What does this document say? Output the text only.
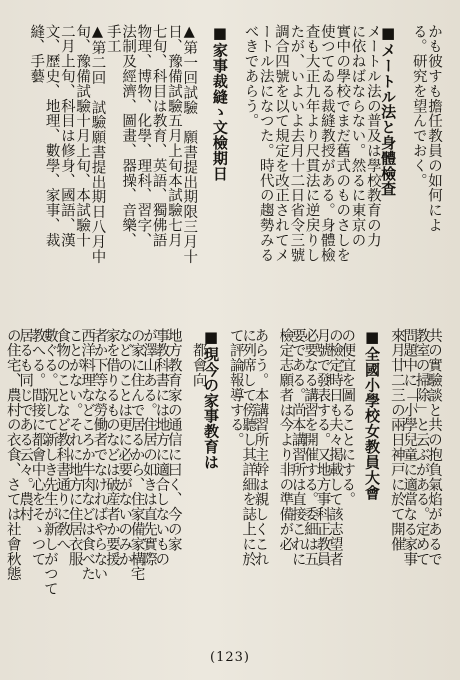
かも彼すも擔任教員の如何によ
る。研究を望んでおく。
■メートル法と身體檢査
メートル法の普及は學校教育の力
に依ねばならない。然るに東京の
實中の學校でまだ舊式のものさしを
使つてゐる裁縫教授がある。身體檢
査も大正九年より尺貫法に逆戻りし
たが、いよいよ去月十二日省令三號
調合四號を以て規定を改正されてメ
ートル法になつた。時代の趨勢みる
べきであらう。
■家事裁縫ゝ文檢期日
▲第一回試驗　願書提出期限三月十
日、豫備試驗五月上旬本試驗七月
七旬、科目は教育、英語、獨佛語
物理、博物、化學、理科、習字、
法制及經濟、圖畫、器操、音樂、
手工
▲第二回　試驗願書提出期日八月中
旬、豫備試驗十月上旬、本試驗十
二月上旬、科目は修身、國語、漢
文、歷史、地理、數學、家事、裁
縫、手藝
共の實驗談と共の抱負氣焰があるで
教室の掃除」と云ぶがある。定めて
問題中に「小學兒童に適當なる家事
來月廿二三の兩日神戸に於て開催
■全國小學校女教員大會
の便宜を圖ることにする。
の檢定時日も夫々掲載して該志望者
月號で發表する。又地方事科正教員
必要なる講習を開催する。委細は五
要である。尚本講習所は直接これに
檢定志願者は今より非の準備が必
あらう。本講習所主幹は親しくこれ
に列席して傍聽し其詳細を誌上に於
て評論報導する。
■現今の家事教育は
　都會向
地方教育家の通信に曰く、今の家
事教科書には地方に適合しないもの
が澤山ある。住居の如きは直先實際
の家に住んで居るから、住家備家構宅
などのことは更に必要がないのみか
家を借りるものなどは破産者か要援
者か下等な勞働者でなければやらない
西洋料理などころか牛肉などは食べた
ことがない。それに地方に住居衣服
食物のことなど教科書通りに敎へ
數ぐる。況して新しき先生が新しがつて
教へる。間接に都會中心をそゝつて
居るも同じである云々。農村
の住宅、農村の衣食、さては社會秋態
(123)
